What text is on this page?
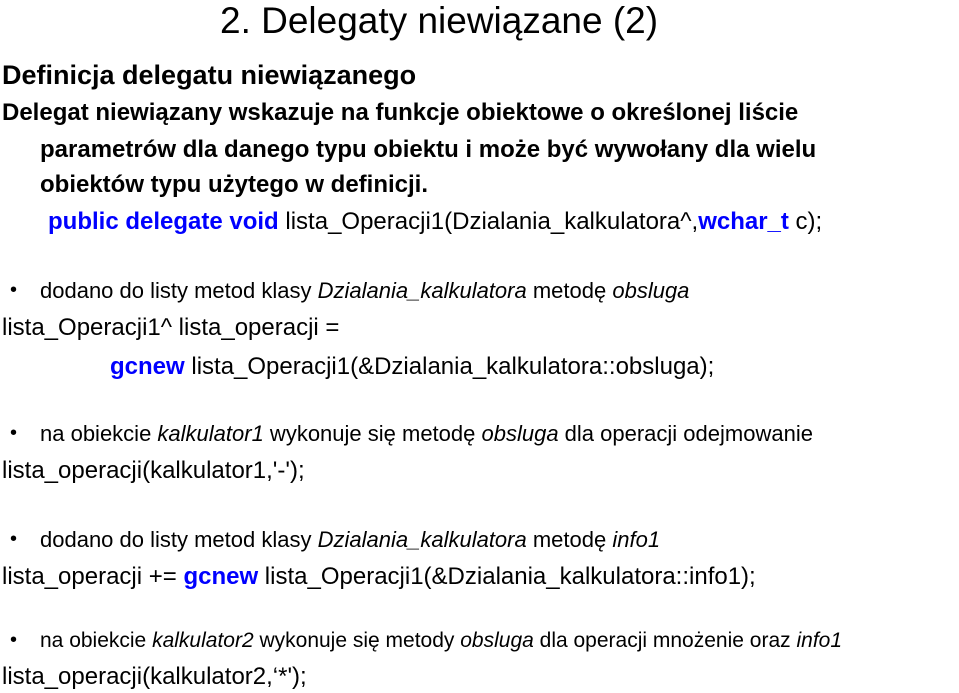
2. Delegaty niewiązane (2)
Definicja delegatu niewiązanego
Delegat niewiązany wskazuje na funkcje obiektowe o określonej liście
parametrów dla danego typu obiektu i może być wywołany dla wielu
obiektów typu użytego w definicji.
public delegate void lista_Operacji1(Dzialania_kalkulatora^,wchar_t c);
• dodano do listy metod klasy Dzialania_kalkulatora metodę obsluga
lista_Operacji1^ lista_operacji =
gcnew lista_Operacji1(&Dzialania_kalkulatora::obsluga);
• na obiekcie kalkulator1 wykonuje się metodę obsluga dla operacji odejmowanie
lista_operacji(kalkulator1,'-');
• dodano do listy metod klasy Dzialania_kalkulatora metodę info1
lista_operacji += gcnew lista_Operacji1(&Dzialania_kalkulatora::info1);
• na obiekcie kalkulator2 wykonuje się metody obsluga dla operacji mnożenie oraz info1
lista_operacji(kalkulator2,‘*');
